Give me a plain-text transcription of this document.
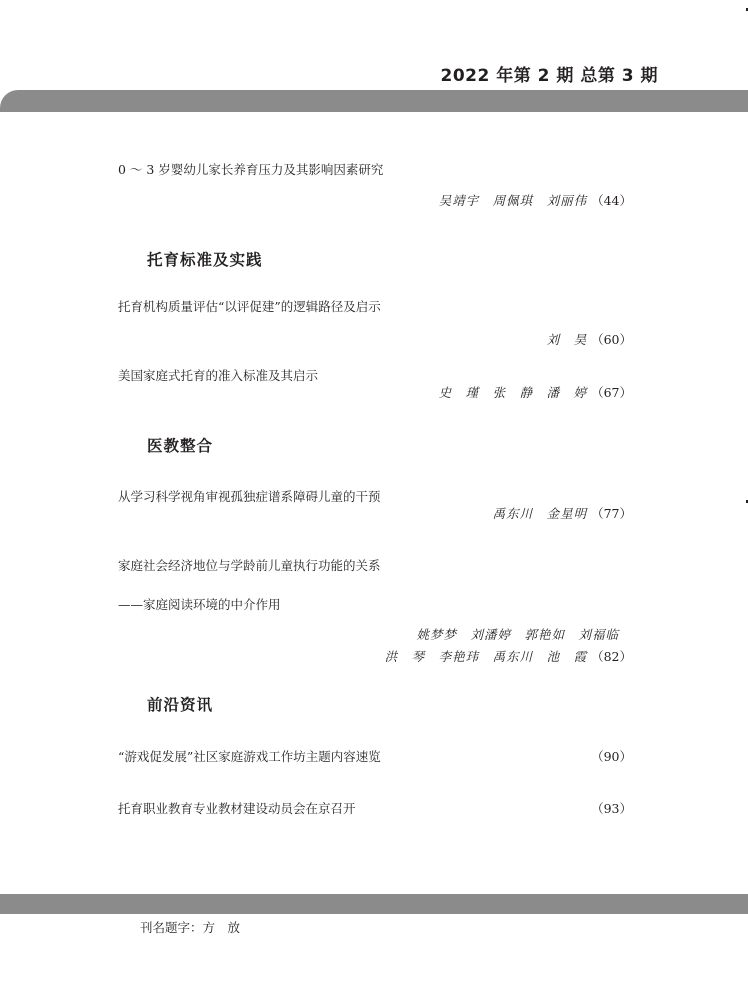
2022 年第 2 期 总第 3 期
0 ～ 3 岁婴幼儿家长养育压力及其影响因素研究
吴靖宇　周佩琪　刘丽伟 （44）
托育标准及实践
托育机构质量评估“以评促建”的逻辑路径及启示
刘　昊 （60）
美国家庭式托育的准入标准及其启示
史　瑾　张　静　潘　婷 （67）
医教整合
从学习科学视角审视孤独症谱系障碍儿童的干预
禹东川　金星明 （77）
家庭社会经济地位与学龄前儿童执行功能的关系
——家庭阅读环境的中介作用
姚梦梦　刘潘婷　郭艳如　刘福临
洪　琴　李艳玮　禹东川　池　霞 （82）
前沿资讯
“游戏促发展”社区家庭游戏工作坊主题内容速览	（90）
托育职业教育专业教材建设动员会在京召开	（93）
刊名题字：方　放
